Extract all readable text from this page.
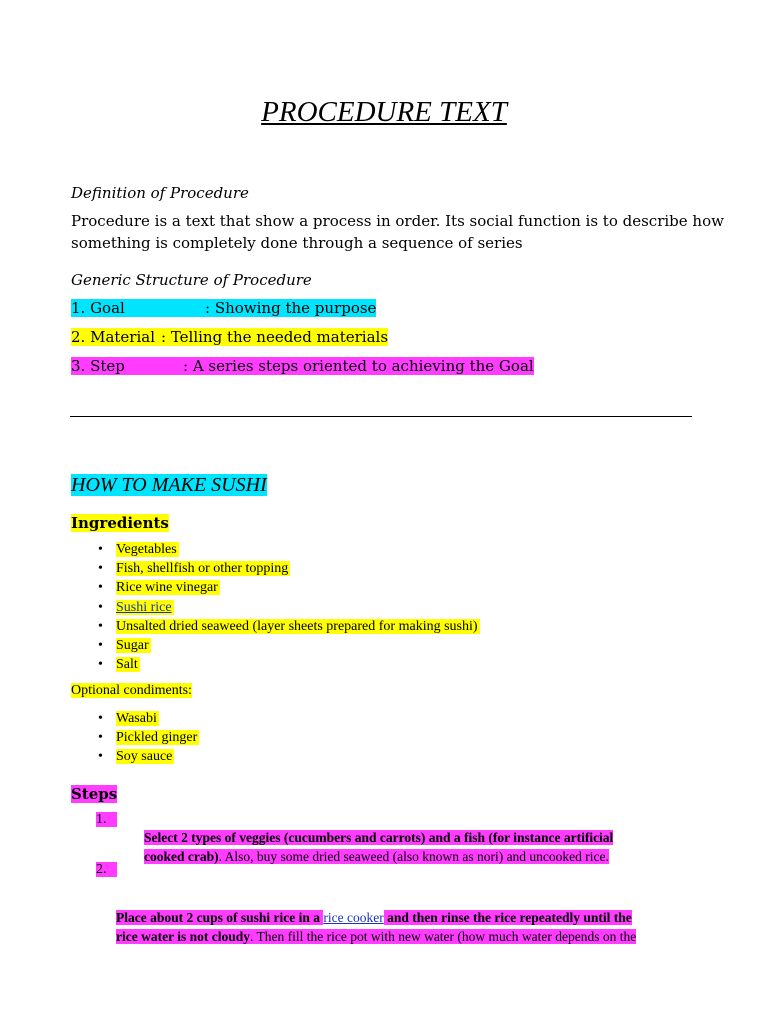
PROCEDURE TEXT
Definition of Procedure
Procedure is a text that show a process in order. Its social function is to describe how
something is completely done through a sequence of series
Generic Structure of Procedure
1. Goal	: Showing the purpose
2. Material : Telling the needed materials
3. Step	: A series steps oriented to achieving the Goal
HOW TO MAKE SUSHI
Ingredients
• Vegetables
• Fish, shellfish or other topping
• Rice wine vinegar
• Sushi rice
• Unsalted dried seaweed (layer sheets prepared for making sushi)
• Sugar
• Salt
Optional condiments:
• Wasabi
• Pickled ginger
• Soy sauce
Steps
1.
Select 2 types of veggies (cucumbers and carrots) and a fish (for instance artificial
cooked crab). Also, buy some dried seaweed (also known as nori) and uncooked rice.
2.
Place about 2 cups of sushi rice in a rice cooker and then rinse the rice repeatedly until the
rice water is not cloudy. Then fill the rice pot with new water (how much water depends on the
